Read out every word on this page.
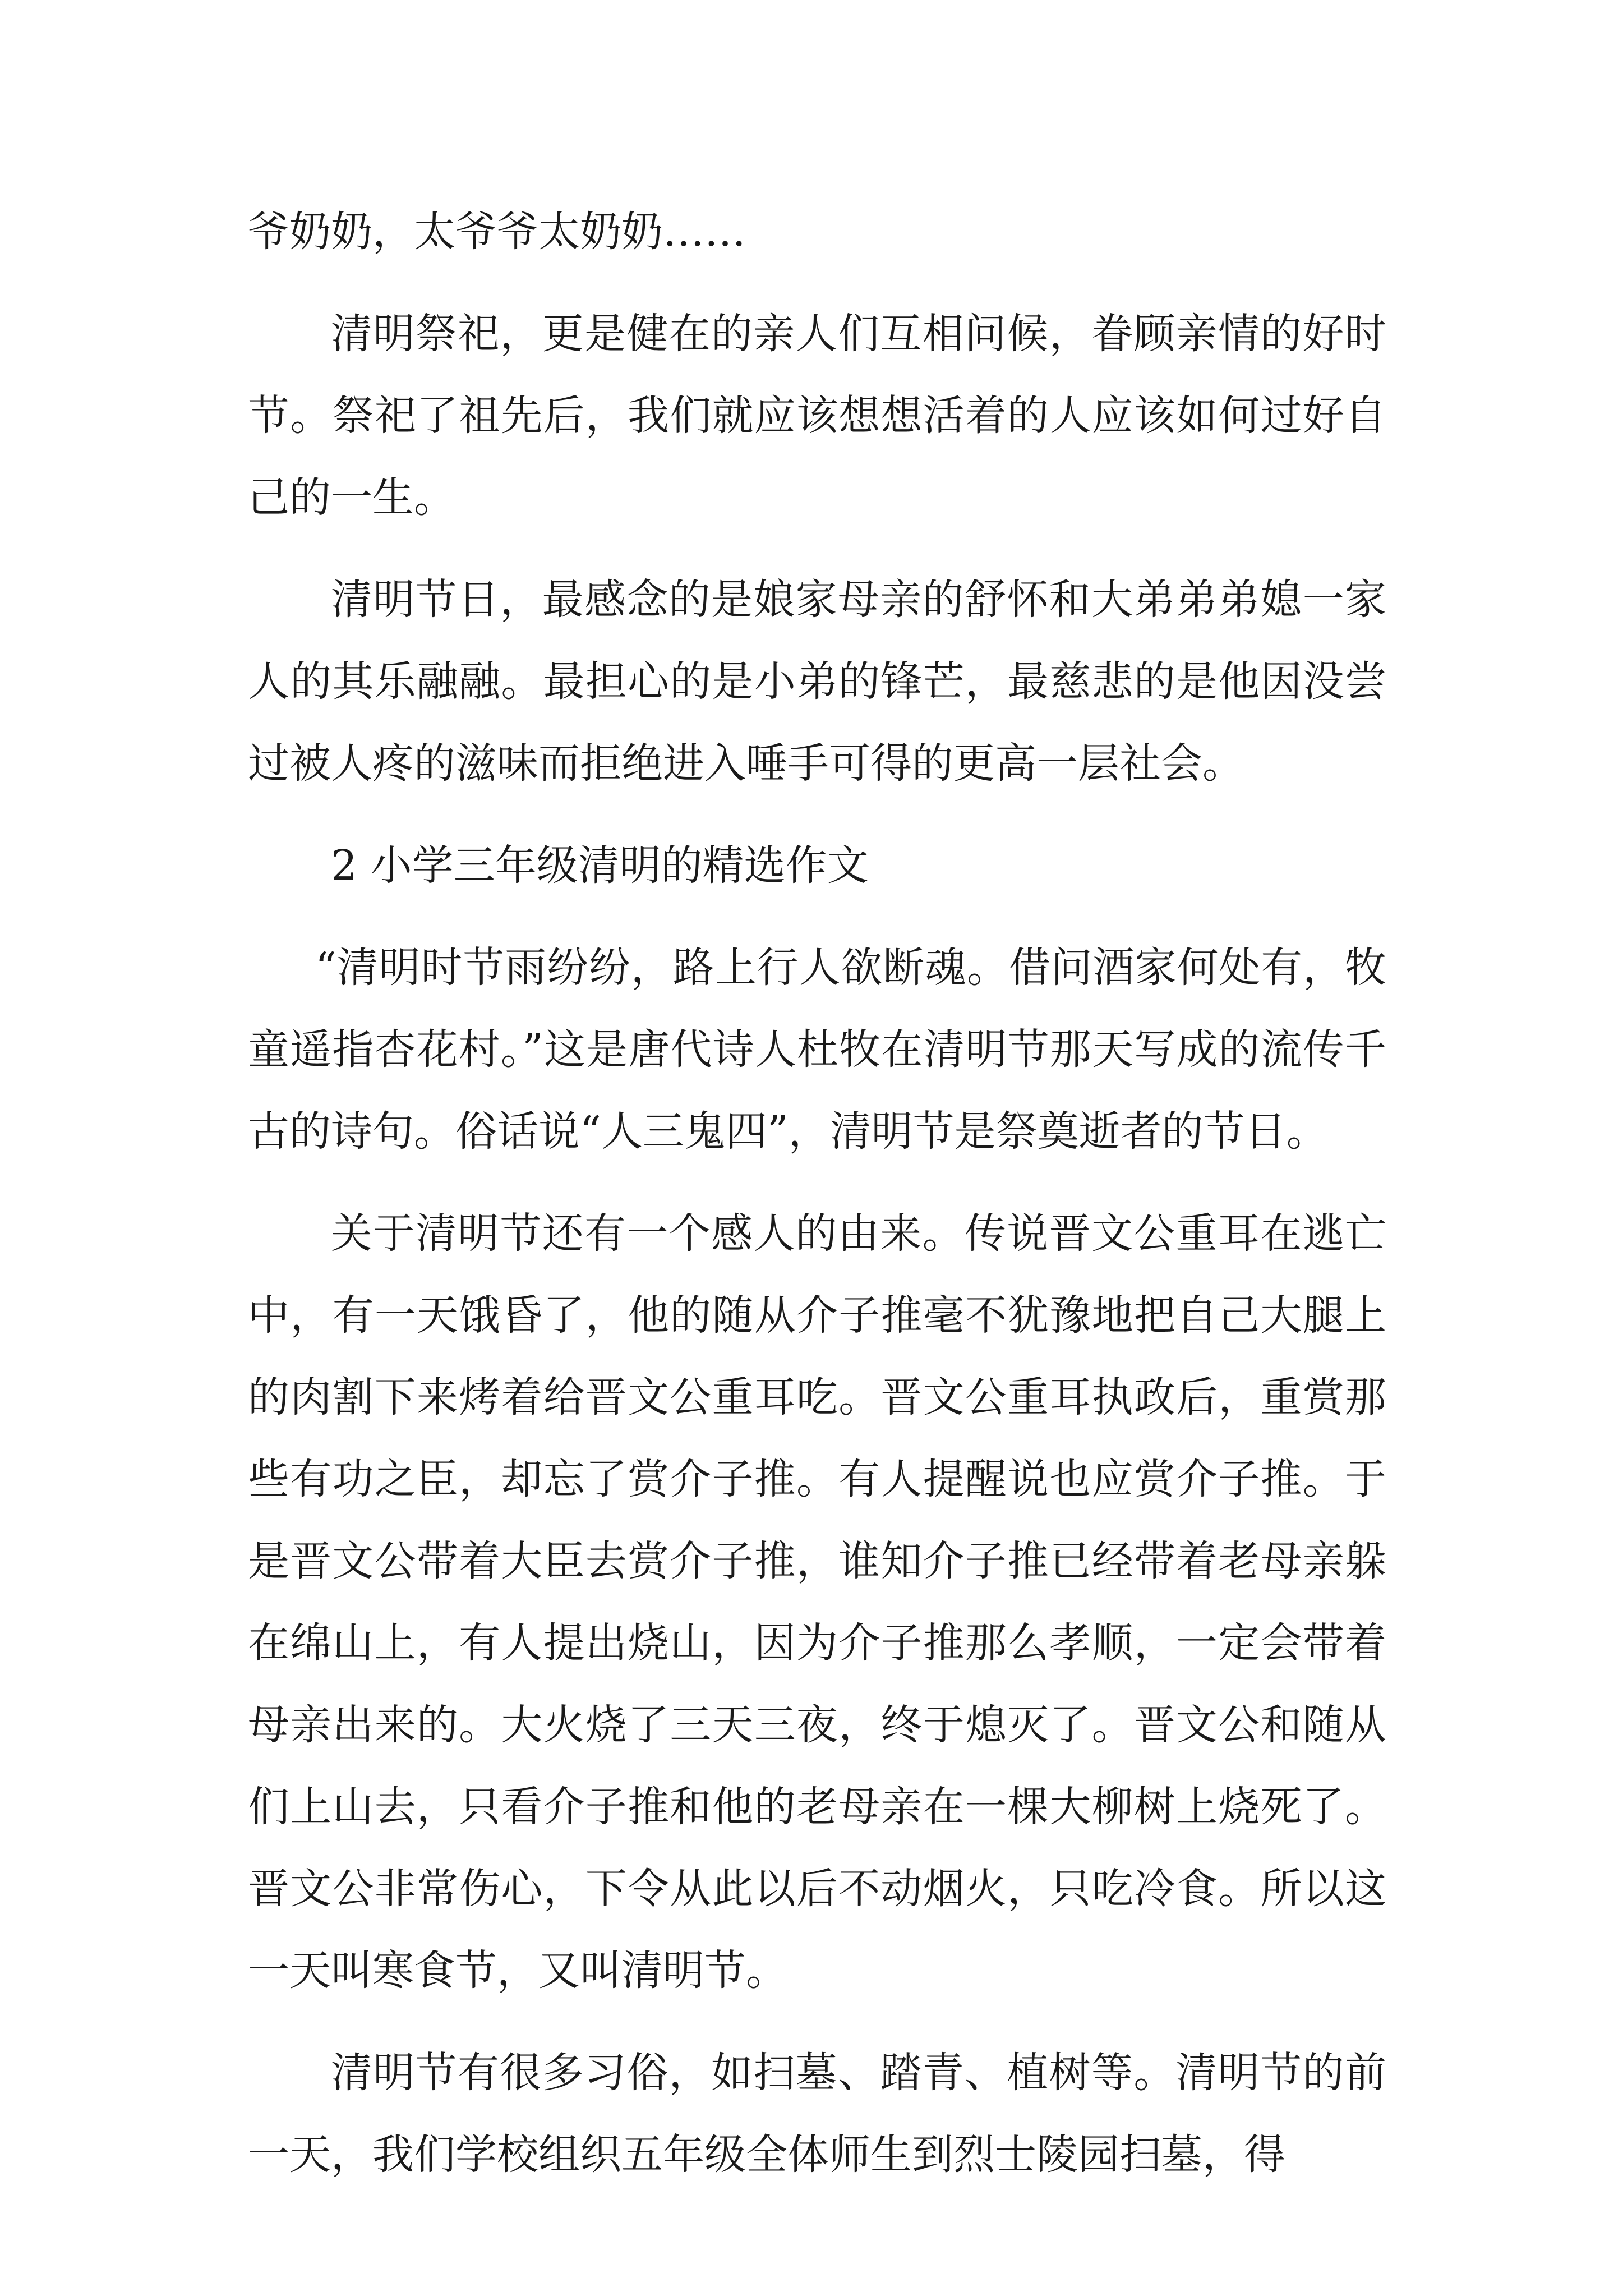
爷奶奶，太爷爷太奶奶……

清明祭祀，更是健在的亲人们互相问候，眷顾亲情的好时节。祭祀了祖先后，我们就应该想想活着的人应该如何过好自己的一生。

清明节日，最感念的是娘家母亲的舒怀和大弟弟弟媳一家人的其乐融融。最担心的是小弟的锋芒，最慈悲的是他因没尝过被人疼的滋味而拒绝进入唾手可得的更高一层社会。

2 小学三年级清明的精选作文

“清明时节雨纷纷，路上行人欲断魂。借问酒家何处有，牧童遥指杏花村。”这是唐代诗人杜牧在清明节那天写成的流传千古的诗句。俗话说“人三鬼四”，清明节是祭奠逝者的节日。

关于清明节还有一个感人的由来。传说晋文公重耳在逃亡中，有一天饿昏了，他的随从介子推毫不犹豫地把自己大腿上的肉割下来烤着给晋文公重耳吃。晋文公重耳执政后，重赏那些有功之臣，却忘了赏介子推。有人提醒说也应赏介子推。于是晋文公带着大臣去赏介子推，谁知介子推已经带着老母亲躲在绵山上，有人提出烧山，因为介子推那么孝顺，一定会带着母亲出来的。大火烧了三天三夜，终于熄灭了。晋文公和随从们上山去，只看介子推和他的老母亲在一棵大柳树上烧死了。晋文公非常伤心，下令从此以后不动烟火，只吃冷食。所以这一天叫寒食节，又叫清明节。

清明节有很多习俗，如扫墓、踏青、植树等。清明节的前一天，我们学校组织五年级全体师生到烈士陵园扫墓，得
